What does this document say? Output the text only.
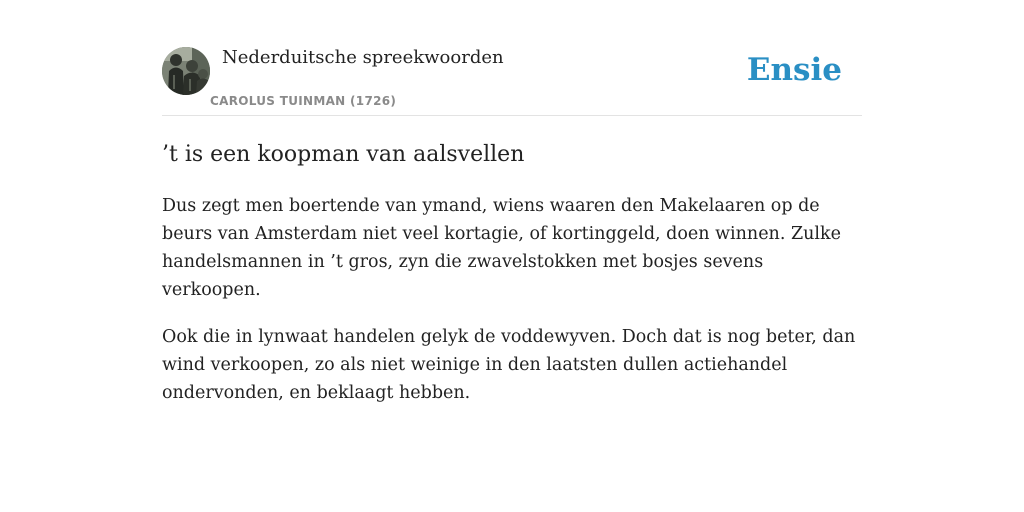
Nederduitsche spreekwoorden
CAROLUS TUINMAN (1726)
Ensie
’t is een koopman van aalsvellen

Dus zegt men boertende van ymand, wiens waaren den Makelaaren op de beurs van Amsterdam niet veel kortagie, of kortinggeld, doen winnen. Zulke handelsmannen in ’t gros, zyn die zwavelstokken met bosjes sevens verkoopen.

Ook die in lynwaat handelen gelyk de voddewyven. Doch dat is nog beter, dan wind verkoopen, zo als niet weinige in den laatsten dullen actiehandel ondervonden, en beklaagt hebben.
